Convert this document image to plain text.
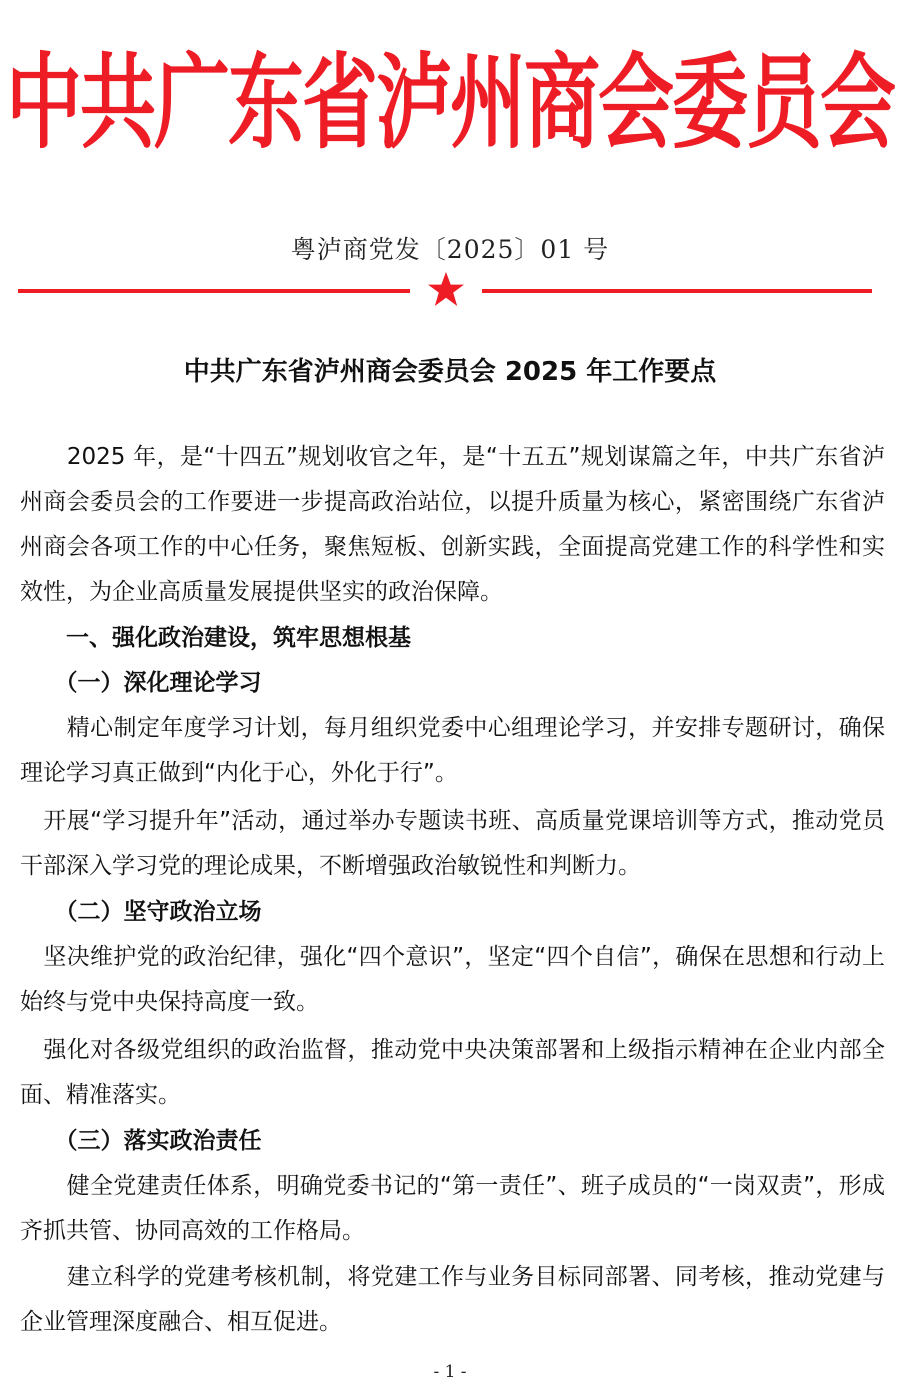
中共广东省泸州商会委员会
粤泸商党发〔2025〕01 号
中共广东省泸州商会委员会 2025 年工作要点

　　2025 年，是“十四五”规划收官之年，是“十五五”规划谋篇之年，中共广东省泸州商会委员会的工作要进一步提高政治站位，以提升质量为核心，紧密围绕广东省泸州商会各项工作的中心任务，聚焦短板、创新实践，全面提高党建工作的科学性和实效性，为企业高质量发展提供坚实的政治保障。

　　一、强化政治建设，筑牢思想根基

　　（一）深化理论学习

　　精心制定年度学习计划，每月组织党委中心组理论学习，并安排专题研讨，确保理论学习真正做到“内化于心，外化于行”。

　开展“学习提升年”活动，通过举办专题读书班、高质量党课培训等方式，推动党员干部深入学习党的理论成果，不断增强政治敏锐性和判断力。

　　（二）坚守政治立场

　坚决维护党的政治纪律，强化“四个意识”，坚定“四个自信”，确保在思想和行动上始终与党中央保持高度一致。

　强化对各级党组织的政治监督，推动党中央决策部署和上级指示精神在企业内部全面、精准落实。

　　（三）落实政治责任

　　健全党建责任体系，明确党委书记的“第一责任”、班子成员的“一岗双责”，形成齐抓共管、协同高效的工作格局。

　　建立科学的党建考核机制，将党建工作与业务目标同部署、同考核，推动党建与企业管理深度融合、相互促进。

- 1 -
